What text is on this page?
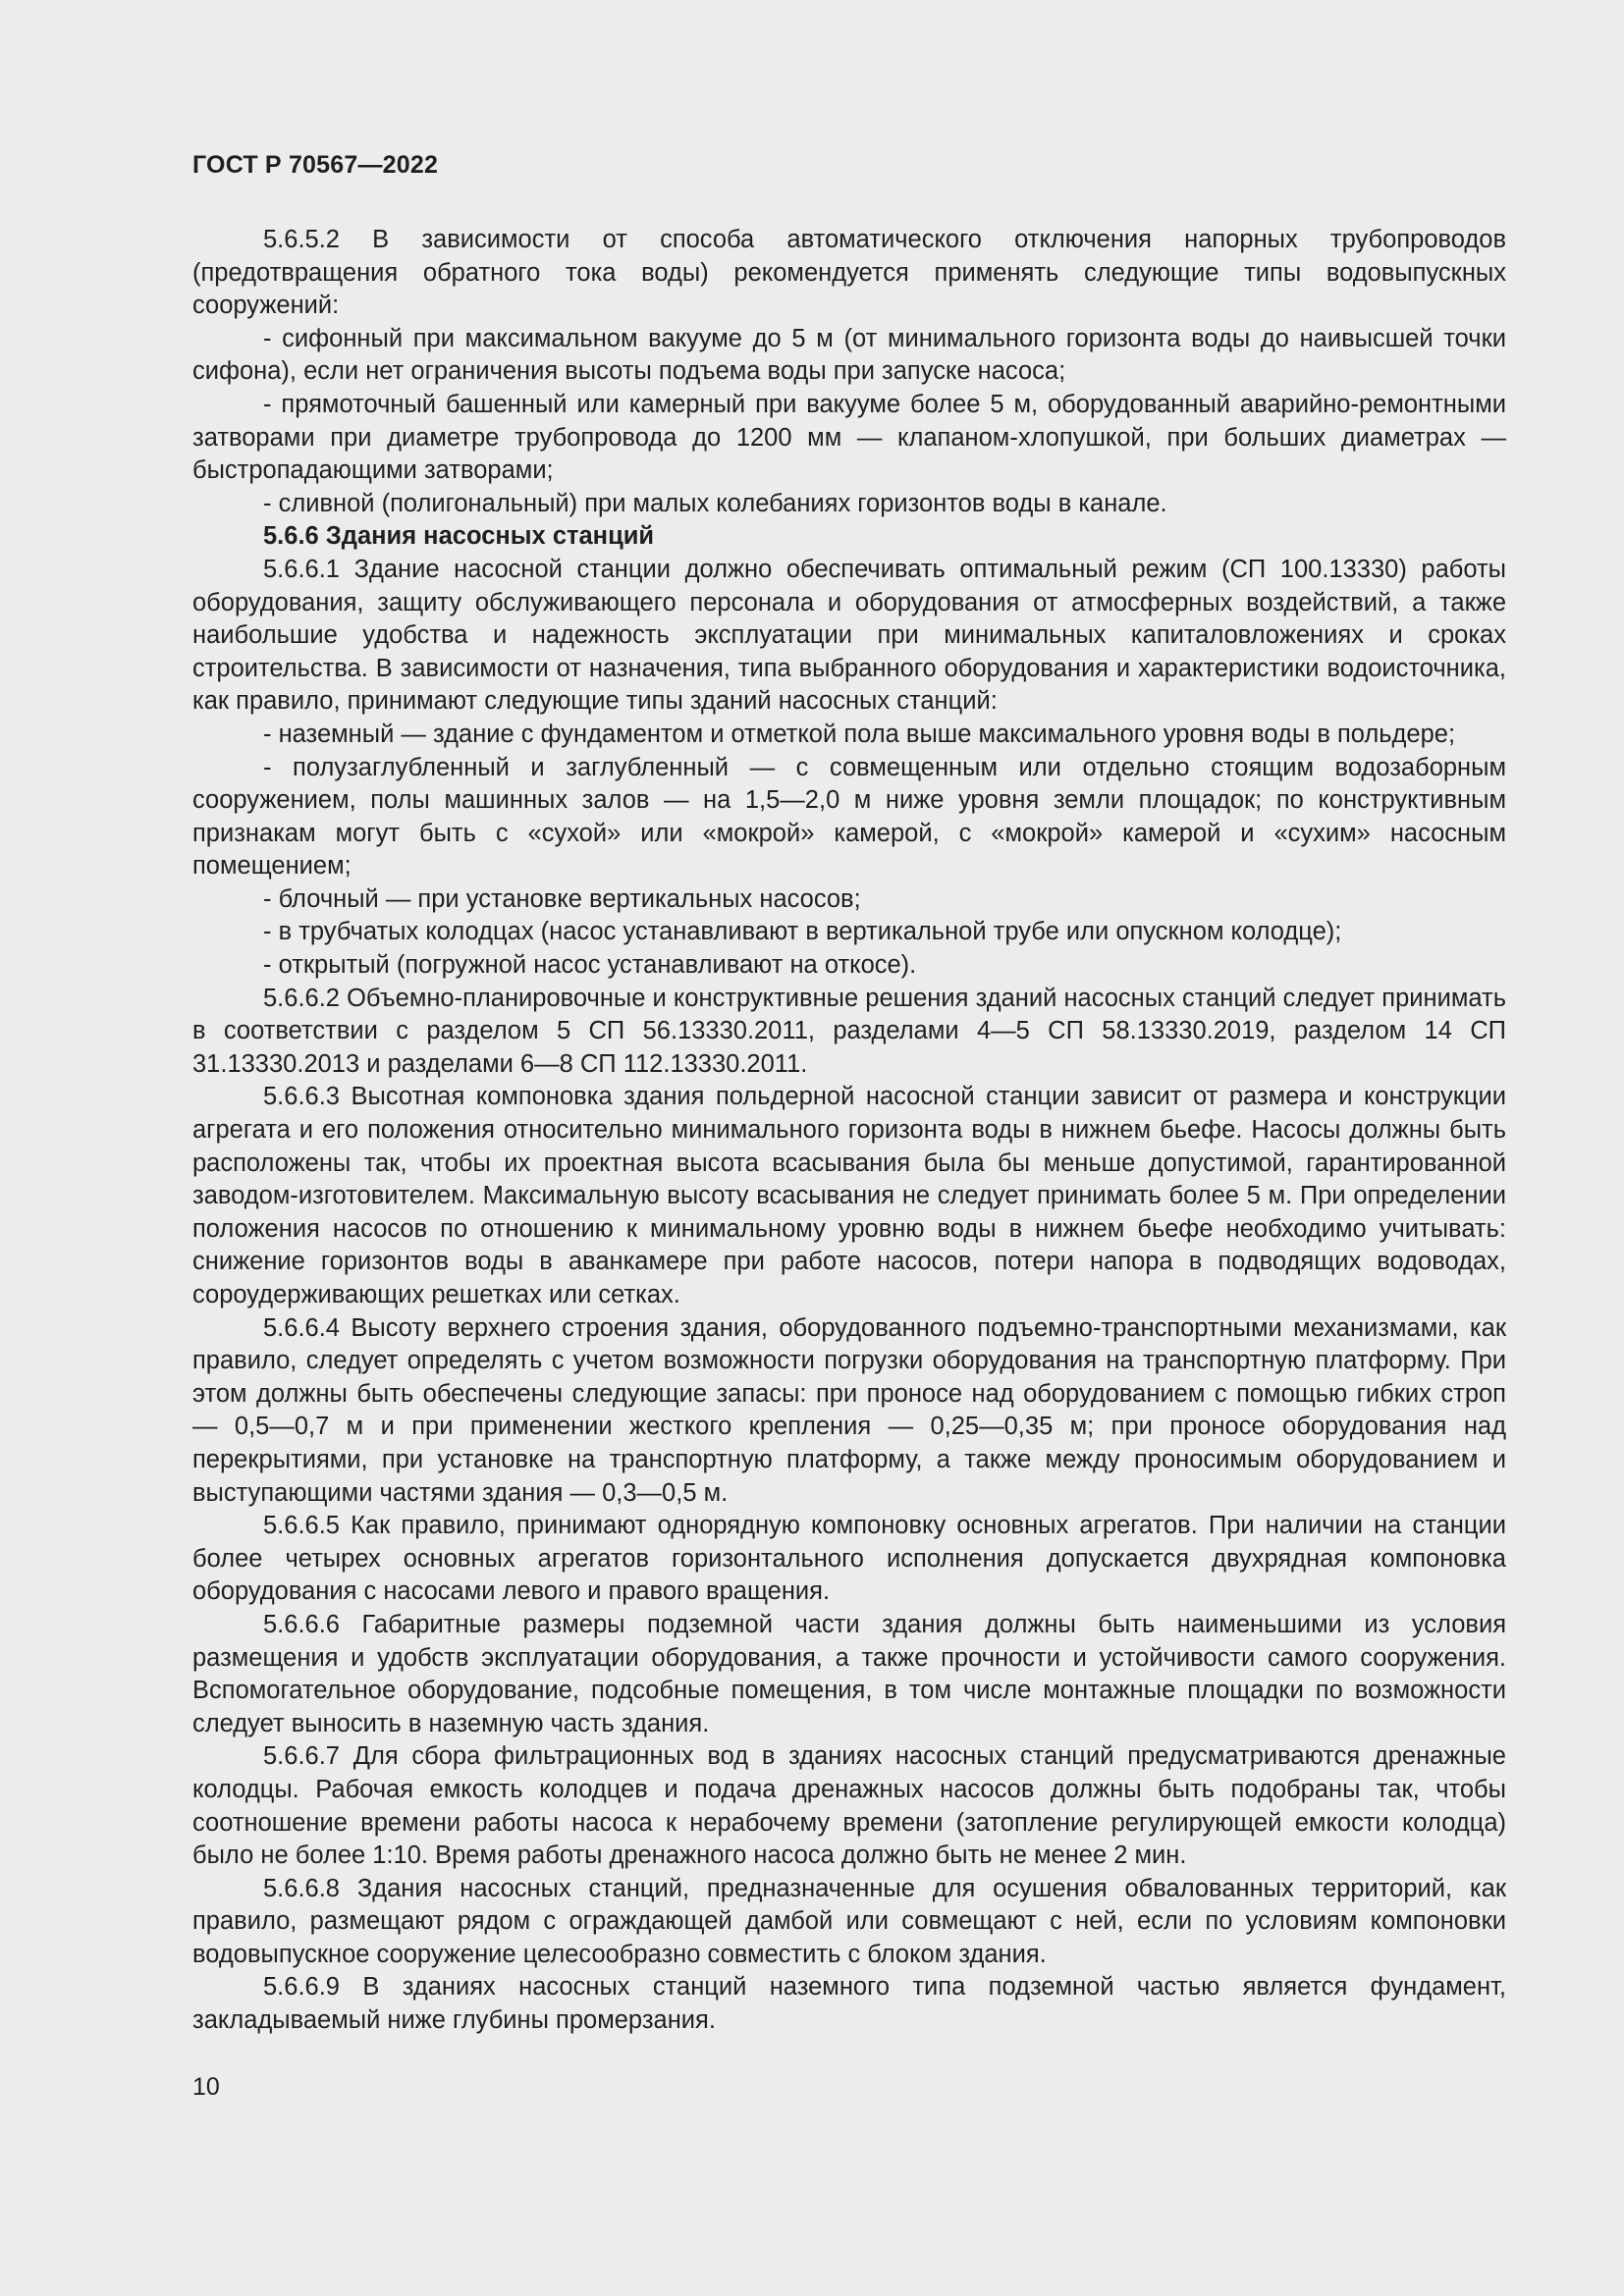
ГОСТ Р 70567—2022

5.6.5.2 В зависимости от способа автоматического отключения напорных трубопроводов (предотвращения обратного тока воды) рекомендуется применять следующие типы водовыпускных сооружений:

- сифонный при максимальном вакууме до 5 м (от минимального горизонта воды до наивысшей точки сифона), если нет ограничения высоты подъема воды при запуске насоса;

- прямоточный башенный или камерный при вакууме более 5 м, оборудованный аварийно-ремонтными затворами при диаметре трубопровода до 1200 мм — клапаном-хлопушкой, при больших диаметрах — быстропадающими затворами;

- сливной (полигональный) при малых колебаниях горизонтов воды в канале.

5.6.6 Здания насосных станций

5.6.6.1 Здание насосной станции должно обеспечивать оптимальный режим (СП 100.13330) работы оборудования, защиту обслуживающего персонала и оборудования от атмосферных воздействий, а также наибольшие удобства и надежность эксплуатации при минимальных капиталовложениях и сроках строительства. В зависимости от назначения, типа выбранного оборудования и характеристики водоисточника, как правило, принимают следующие типы зданий насосных станций:

- наземный — здание с фундаментом и отметкой пола выше максимального уровня воды в польдере;

- полузаглубленный и заглубленный — с совмещенным или отдельно стоящим водозаборным сооружением, полы машинных залов — на 1,5—2,0 м ниже уровня земли площадок; по конструктивным признакам могут быть с «сухой» или «мокрой» камерой, с «мокрой» камерой и «сухим» насосным помещением;

- блочный — при установке вертикальных насосов;

- в трубчатых колодцах (насос устанавливают в вертикальной трубе или опускном колодце);

- открытый (погружной насос устанавливают на откосе).

5.6.6.2 Объемно-планировочные и конструктивные решения зданий насосных станций следует принимать в соответствии с разделом 5 СП 56.13330.2011, разделами 4—5 СП 58.13330.2019, разделом 14 СП 31.13330.2013 и разделами 6—8 СП 112.13330.2011.

5.6.6.3 Высотная компоновка здания польдерной насосной станции зависит от размера и конструкции агрегата и его положения относительно минимального горизонта воды в нижнем бьефе. Насосы должны быть расположены так, чтобы их проектная высота всасывания была бы меньше допустимой, гарантированной заводом-изготовителем. Максимальную высоту всасывания не следует принимать более 5 м. При определении положения насосов по отношению к минимальному уровню воды в нижнем бьефе необходимо учитывать: снижение горизонтов воды в аванкамере при работе насосов, потери напора в подводящих водоводах, сороудерживающих решетках или сетках.

5.6.6.4 Высоту верхнего строения здания, оборудованного подъемно-транспортными механизмами, как правило, следует определять с учетом возможности погрузки оборудования на транспортную платформу. При этом должны быть обеспечены следующие запасы: при проносе над оборудованием с помощью гибких строп — 0,5—0,7 м и при применении жесткого крепления — 0,25—0,35 м; при проносе оборудования над перекрытиями, при установке на транспортную платформу, а также между проносимым оборудованием и выступающими частями здания — 0,3—0,5 м.

5.6.6.5 Как правило, принимают однорядную компоновку основных агрегатов. При наличии на станции более четырех основных агрегатов горизонтального исполнения допускается двухрядная компоновка оборудования с насосами левого и правого вращения.

5.6.6.6 Габаритные размеры подземной части здания должны быть наименьшими из условия размещения и удобств эксплуатации оборудования, а также прочности и устойчивости самого сооружения. Вспомогательное оборудование, подсобные помещения, в том числе монтажные площадки по возможности следует выносить в наземную часть здания.

5.6.6.7 Для сбора фильтрационных вод в зданиях насосных станций предусматриваются дренажные колодцы. Рабочая емкость колодцев и подача дренажных насосов должны быть подобраны так, чтобы соотношение времени работы насоса к нерабочему времени (затопление регулирующей емкости колодца) было не более 1:10. Время работы дренажного насоса должно быть не менее 2 мин.

5.6.6.8 Здания насосных станций, предназначенные для осушения обвалованных территорий, как правило, размещают рядом с ограждающей дамбой или совмещают с ней, если по условиям компоновки водовыпускное сооружение целесообразно совместить с блоком здания.

5.6.6.9 В зданиях насосных станций наземного типа подземной частью является фундамент, закладываемый ниже глубины промерзания.

10
